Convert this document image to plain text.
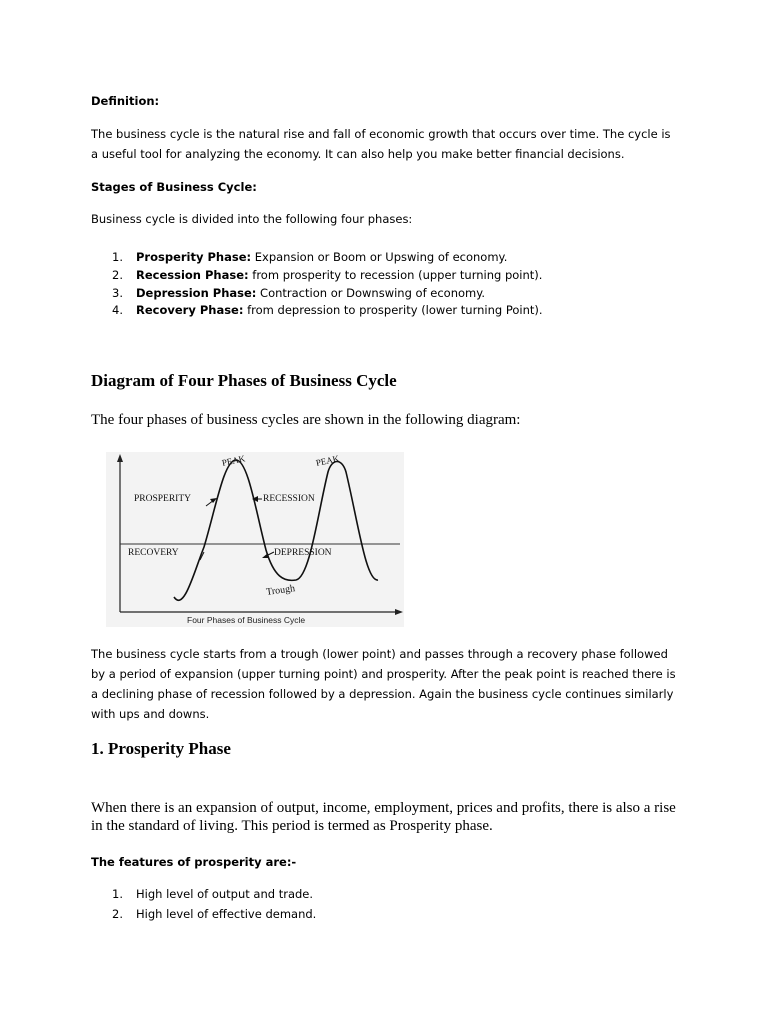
Definition:

The business cycle is the natural rise and fall of economic growth that occurs over time. The cycle is a useful tool for analyzing the economy. It can also help you make better financial decisions.

Stages of Business Cycle:

Business cycle is divided into the following four phases:

1. Prosperity Phase: Expansion or Boom or Upswing of economy.
2. Recession Phase: from prosperity to recession (upper turning point).
3. Depression Phase: Contraction or Downswing of economy.
4. Recovery Phase: from depression to prosperity (lower turning Point).
Diagram of Four Phases of Business Cycle

The four phases of business cycles are shown in the following diagram:

PEAK	PEAK
PROSPERITY	RECESSION
RECOVERY	DEPRESSION
Trough
Four Phases of Business Cycle

The business cycle starts from a trough (lower point) and passes through a recovery phase followed by a period of expansion (upper turning point) and prosperity. After the peak point is reached there is a declining phase of recession followed by a depression. Again the business cycle continues similarly with ups and downs.

1. Prosperity Phase

When there is an expansion of output, income, employment, prices and profits, there is also a rise in the standard of living. This period is termed as Prosperity phase.

The features of prosperity are:-

1. High level of output and trade.
2. High level of effective demand.
